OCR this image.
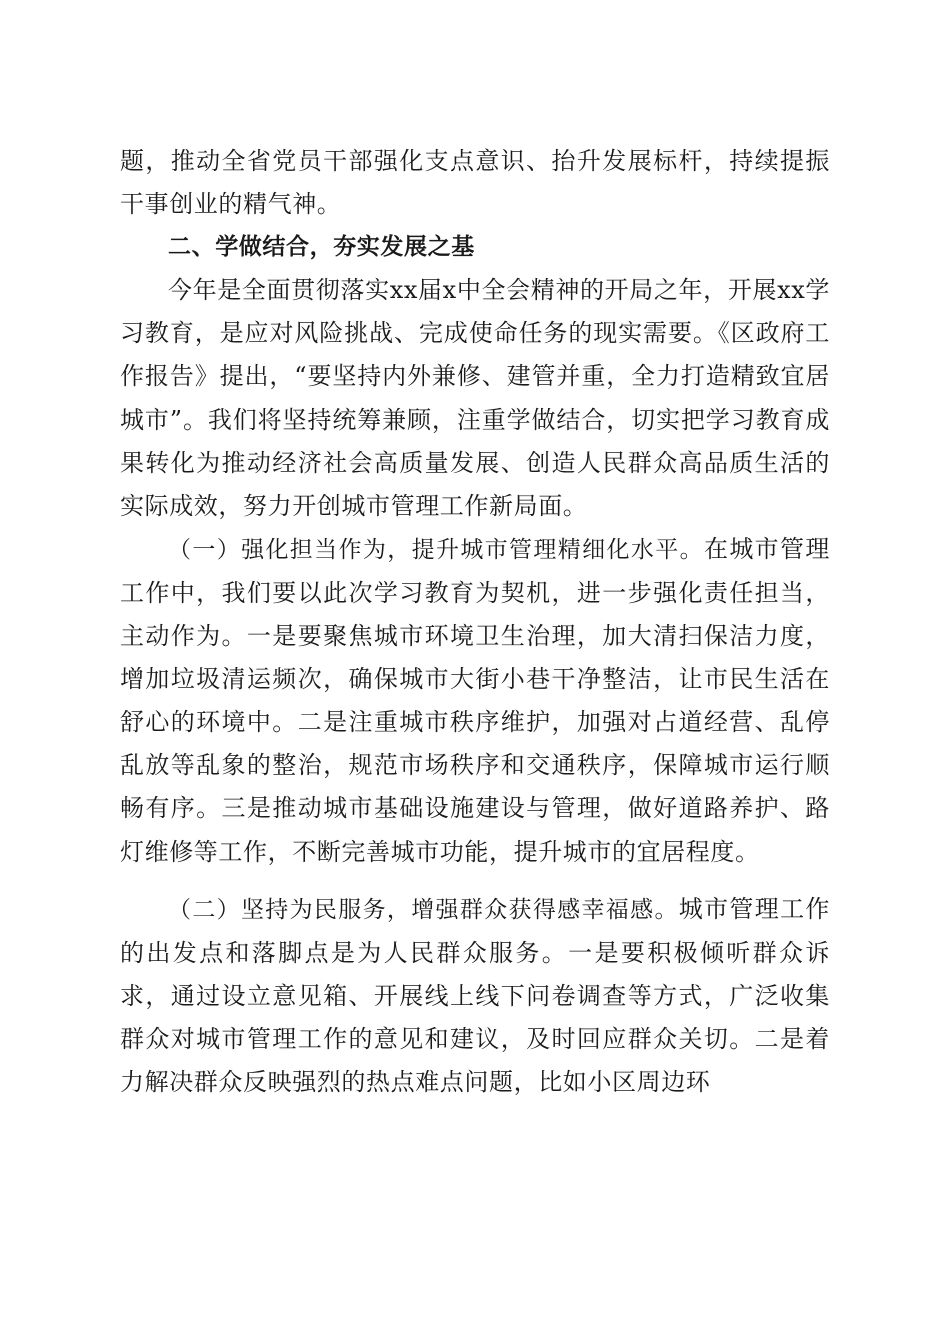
题，推动全省党员干部强化支点意识、抬升发展标杆，持续提振干事创业的精气神。

二、学做结合，夯实发展之基

今年是全面贯彻落实xx届x中全会精神的开局之年，开展xx学习教育，是应对风险挑战、完成使命任务的现实需要。《区政府工作报告》提出，“要坚持内外兼修、建管并重，全力打造精致宜居城市”。我们将坚持统筹兼顾，注重学做结合，切实把学习教育成果转化为推动经济社会高质量发展、创造人民群众高品质生活的实际成效，努力开创城市管理工作新局面。

（一）强化担当作为，提升城市管理精细化水平。在城市管理工作中，我们要以此次学习教育为契机，进一步强化责任担当，主动作为。一是要聚焦城市环境卫生治理，加大清扫保洁力度，增加垃圾清运频次，确保城市大街小巷干净整洁，让市民生活在舒心的环境中。二是注重城市秩序维护，加强对占道经营、乱停乱放等乱象的整治，规范市场秩序和交通秩序，保障城市运行顺畅有序。三是推动城市基础设施建设与管理，做好道路养护、路灯维修等工作，不断完善城市功能，提升城市的宜居程度。

（二）坚持为民服务，增强群众获得感幸福感。城市管理工作的出发点和落脚点是为人民群众服务。一是要积极倾听群众诉求，通过设立意见箱、开展线上线下问卷调查等方式，广泛收集群众对城市管理工作的意见和建议，及时回应群众关切。二是着力解决群众反映强烈的热点难点问题，比如小区周边环
